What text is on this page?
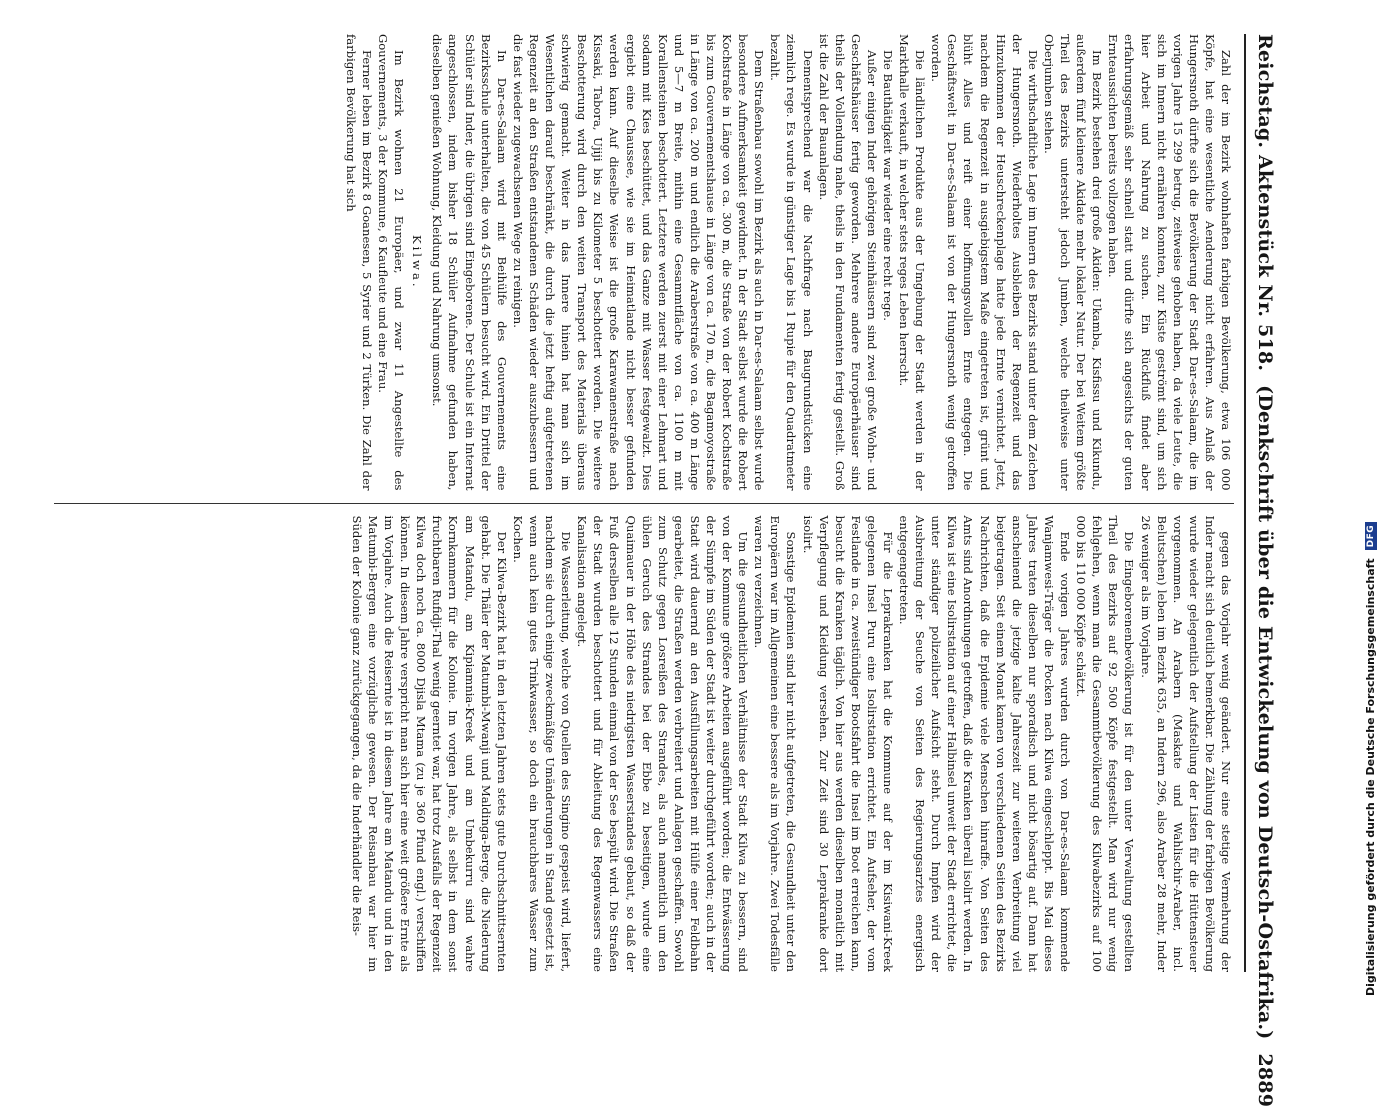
Reichstag. Aktenstück Nr. 518.
(Denkschrift über die Entwickelung von Deutsch-Ostafrika.)
2889

Zahl der im Bezirk wohnhaften farbigen Bevölkerung, etwa 106 000 Köpfe, hat eine wesentliche Aenderung nicht erfahren. Aus Anlaß der Hungersnoth dürfte sich die Bevölkerung der Stadt Dar-es-Salaam, die im vorigen Jahre 15 299 betrug, zeitweise gehoben haben, da viele Leute, die sich im Innern nicht ernähren konnten, zur Küste geströmt sind, um sich hier Arbeit und Nahrung zu suchen. Ein Rückfluß findet aber erfahrungsgemäß sehr schnell statt und dürfte sich angesichts der guten Ernteaussichten bereits vollzogen haben.

Im Bezirk bestehen drei große Akiden: Ukamba, Kisfissu und Kikundu, außerdem fünf kleinere Akidate mehr lokaler Natur. Der bei Weitem größte Theil des Bezirks untersteht jedoch Jumben, welche theilweise unter Oberjumben stehen.

Die wirthschaftliche Lage im Innern des Bezirks stand unter dem Zeichen der Hungersnoth. Wiederholtes Ausbleiben der Regenzeit und das Hinzukommen der Heuschreckenplage hatte jede Ernte vernichtet. Jetzt, nachdem die Regenzeit in ausgiebigstem Maße eingetreten ist, grünt und blüht Alles und reift einer hoffnungsvollen Ernte entgegen. Die Geschäftswelt in Dar-es-Salaam ist von der Hungersnoth wenig getroffen worden.

Die ländlichen Produkte aus der Umgebung der Stadt werden in der Markthalle verkauft, in welcher stets reges Leben herrscht.

Die Bauthätigkeit war wieder eine recht rege.

Außer einigen Inder gehörigen Steinhäusern sind zwei große Wohn- und Geschäftshäuser fertig geworden. Mehrere andere Europäerhäuser sind theils der Vollendung nahe, theils in den Fundamenten fertig gestellt. Groß ist die Zahl der Bauanlagen.

Dementsprechend war die Nachfrage nach Baugrundstücken eine ziemlich rege. Es wurde in günstiger Lage bis 1 Rupie für den Quadratmeter bezahlt.

Dem Straßenbau sowohl im Bezirk als auch in Dar-es-Salaam selbst wurde besondere Aufmerksamkeit gewidmet. In der Stadt selbst wurde die Robert Kochstraße in Länge von ca. 300 m, die Straße von der Robert Kochstraße bis zum Gouvernementshause in Länge von ca. 170 m, die Bagamoyostraße in Länge von ca. 200 m und endlich die Araberstraße von ca. 400 m Länge und 5—7 m Breite, mithin eine Gesammtfläche von ca. 1100 m mit Korallensteinen beschottert. Letztere werden zuerst mit einer Lehmart und sodann mit Kies beschüttet, und das Ganze mit Wasser festgewalzt. Dies ergiebt eine Chaussee, wie sie im Heimatlande nicht besser gefunden werden kann. Auf dieselbe Weise ist die große Karawanenstraße nach Kissaki, Tabora, Ujiji bis zu Kilometer 5 beschottert worden. Die weitere Beschotterung wird durch den weiten Transport des Materials überaus schwierig gemacht. Weiter in das Innere hinein hat man sich im Wesentlichen darauf beschränkt, die durch die jetzt heftig aufgetretenen Regenzeit an den Straßen entstandenen Schäden wieder auszubessern und die fast wieder zugewachsenen Wege zu reinigen.

In Dar-es-Salaam wird mit Beihülfe des Gouvernements eine Bezirksschule unterhalten, die von 45 Schülern besucht wird. Ein Drittel der Schüler sind Inder, die übrigen sind Eingeborene. Der Schule ist ein Internat angeschlossen, indem bisher 18 Schüler Aufnahme gefunden haben, dieselben genießen Wohnung, Kleidung und Nahrung umsonst.

Kilwa.

Im Bezirk wohnen 21 Europäer, und zwar 11 Angestellte des Gouvernements, 3 der Kommune, 6 Kaufleute und eine Frau.

Ferner leben im Bezirk 8 Goanesen, 5 Syrier und 2 Türken. Die Zahl der farbigen Bevölkerung hat sich

gegen das Vorjahr wenig geändert. Nur eine stetige Vermehrung der Inder macht sich deutlich bemerkbar. Die Zählung der farbigen Bevölkerung wurde wieder gelegentlich der Aufstellung der Listen für die Hüttensteuer vorgenommen. An Arabern (Maskate und Wahlischir-Araber, incl. Belutschen) leben im Bezirk 635, an Indern 296, also Araber 28 mehr, Inder 26 weniger als im Vorjahre.

Die Eingeborenenbevölkerung ist für den unter Verwaltung gestellten Theil des Bezirks auf 92 500 Köpfe festgestellt. Man wird nur wenig fehlgehen, wenn man die Gesammtbevölkerung des Kilwabezirks auf 100 000 bis 110 000 Köpfe schätzt.

Ende vorigen Jahres wurden durch von Dar-es-Salaam kommende Wanjamwesi-Träger die Pocken nach Kilwa eingeschleppt. Bis Mai dieses Jahres traten dieselben nur sporadisch und nicht bösartig auf. Dann hat anscheinend die jetzige kalte Jahreszeit zur weiteren Verbreitung viel beigetragen. Seit einem Monat kamen von verschiedenen Seiten des Bezirks Nachrichten, daß die Epidemie viele Menschen hinraffe. Von Seiten des Amts sind Anordnungen getroffen, daß die Kranken überall isolirt werden. In Kilwa ist eine Isolirstation auf einer Halbinsel unweit der Stadt errichtet, die unter ständiger polizeilicher Aufsicht steht. Durch Impfen wird der Ausbreitung der Seuche von Seiten des Regierungsarztes energisch entgegengetreten.

Für die Leprakranken hat die Kommune auf der im Kisiwani-Kreek gelegenen Insel Puru eine Isolirstation errichtet. Ein Aufseher, der vom Festlande in ca. zweistündiger Bootsfahrt die Insel im Boot erreichen kann, besucht die Kranken täglich. Von hier aus werden dieselben monatlich mit Verpflegung und Kleidung versehen. Zur Zeit sind 30 Leprakranke dort isolirt.

Sonstige Epidemien sind hier nicht aufgetreten, die Gesundheit unter den Europäern war im Allgemeinen eine bessere als im Vorjahre. Zwei Todesfälle waren zu verzeichnen.

Um die gesundheitlichen Verhältnisse der Stadt Kilwa zu bessern, sind von der Kommune größere Arbeiten ausgeführt worden; die Entwässerung der Sümpfe im Süden der Stadt ist weiter durchgeführt worden; auch in der Stadt wird dauernd an den Ausfüllungsarbeiten mit Hülfe einer Feldbahn gearbeitet, die Straßen werden verbreitert und Anlagen geschaffen. Sowohl zum Schutz gegen Losreißen des Strandes, als auch namentlich um den üblen Geruch des Strandes bei der Ebbe zu beseitigen, wurde eine Quaimauer in der Höhe des niedrigsten Wasserstandes gebaut, so daß der Fuß derselben alle 12 Stunden einmal von der See bespült wird. Die Straßen der Stadt wurden beschottert und für Ableitung des Regenwassers eine Kanalisation angelegt.

Die Wasserleitung, welche von Quellen des Singino gespeist wird, liefert, nachdem sie durch einige zweckmäßige Umänderungen in Stand gesetzt ist, wenn auch kein gutes Trinkwasser, so doch ein brauchbares Wasser zum Kochen.

Der Kilwa-Bezirk hat in den letzten Jahren stets gute Durchschnittsernten gehabt. Die Thäler der Matumbi-Mwanji und Maldinga-Berge, die Niederung am Matandu, am Kipiamnia-Kreek und am Umbekurru sind wahre Kornkammern für die Kolonie. Im vorigen Jahre, als selbst in dem sonst fruchtbaren Rufidji-Thal wenig geerntet war, hat trotz Ausfalls der Regenzeit Kilwa doch noch ca. 8000 Djisla Mtama (zu je 360 Pfund engl.) verschiffen können. In diesem Jahre verspricht man sich hier eine weit größere Ernte als im Vorjahre. Auch die Reisernte ist in diesem Jahre am Matandu und in den Matumbi-Bergen eine vorzügliche gewesen. Der Reisanbau war hier im Süden der Kolonie ganz zurückgegangen, da die Inderhändler die Reis-	Digitalisierung gefördert durch die Deutsche Forschungsgemeinschaft
DFG
